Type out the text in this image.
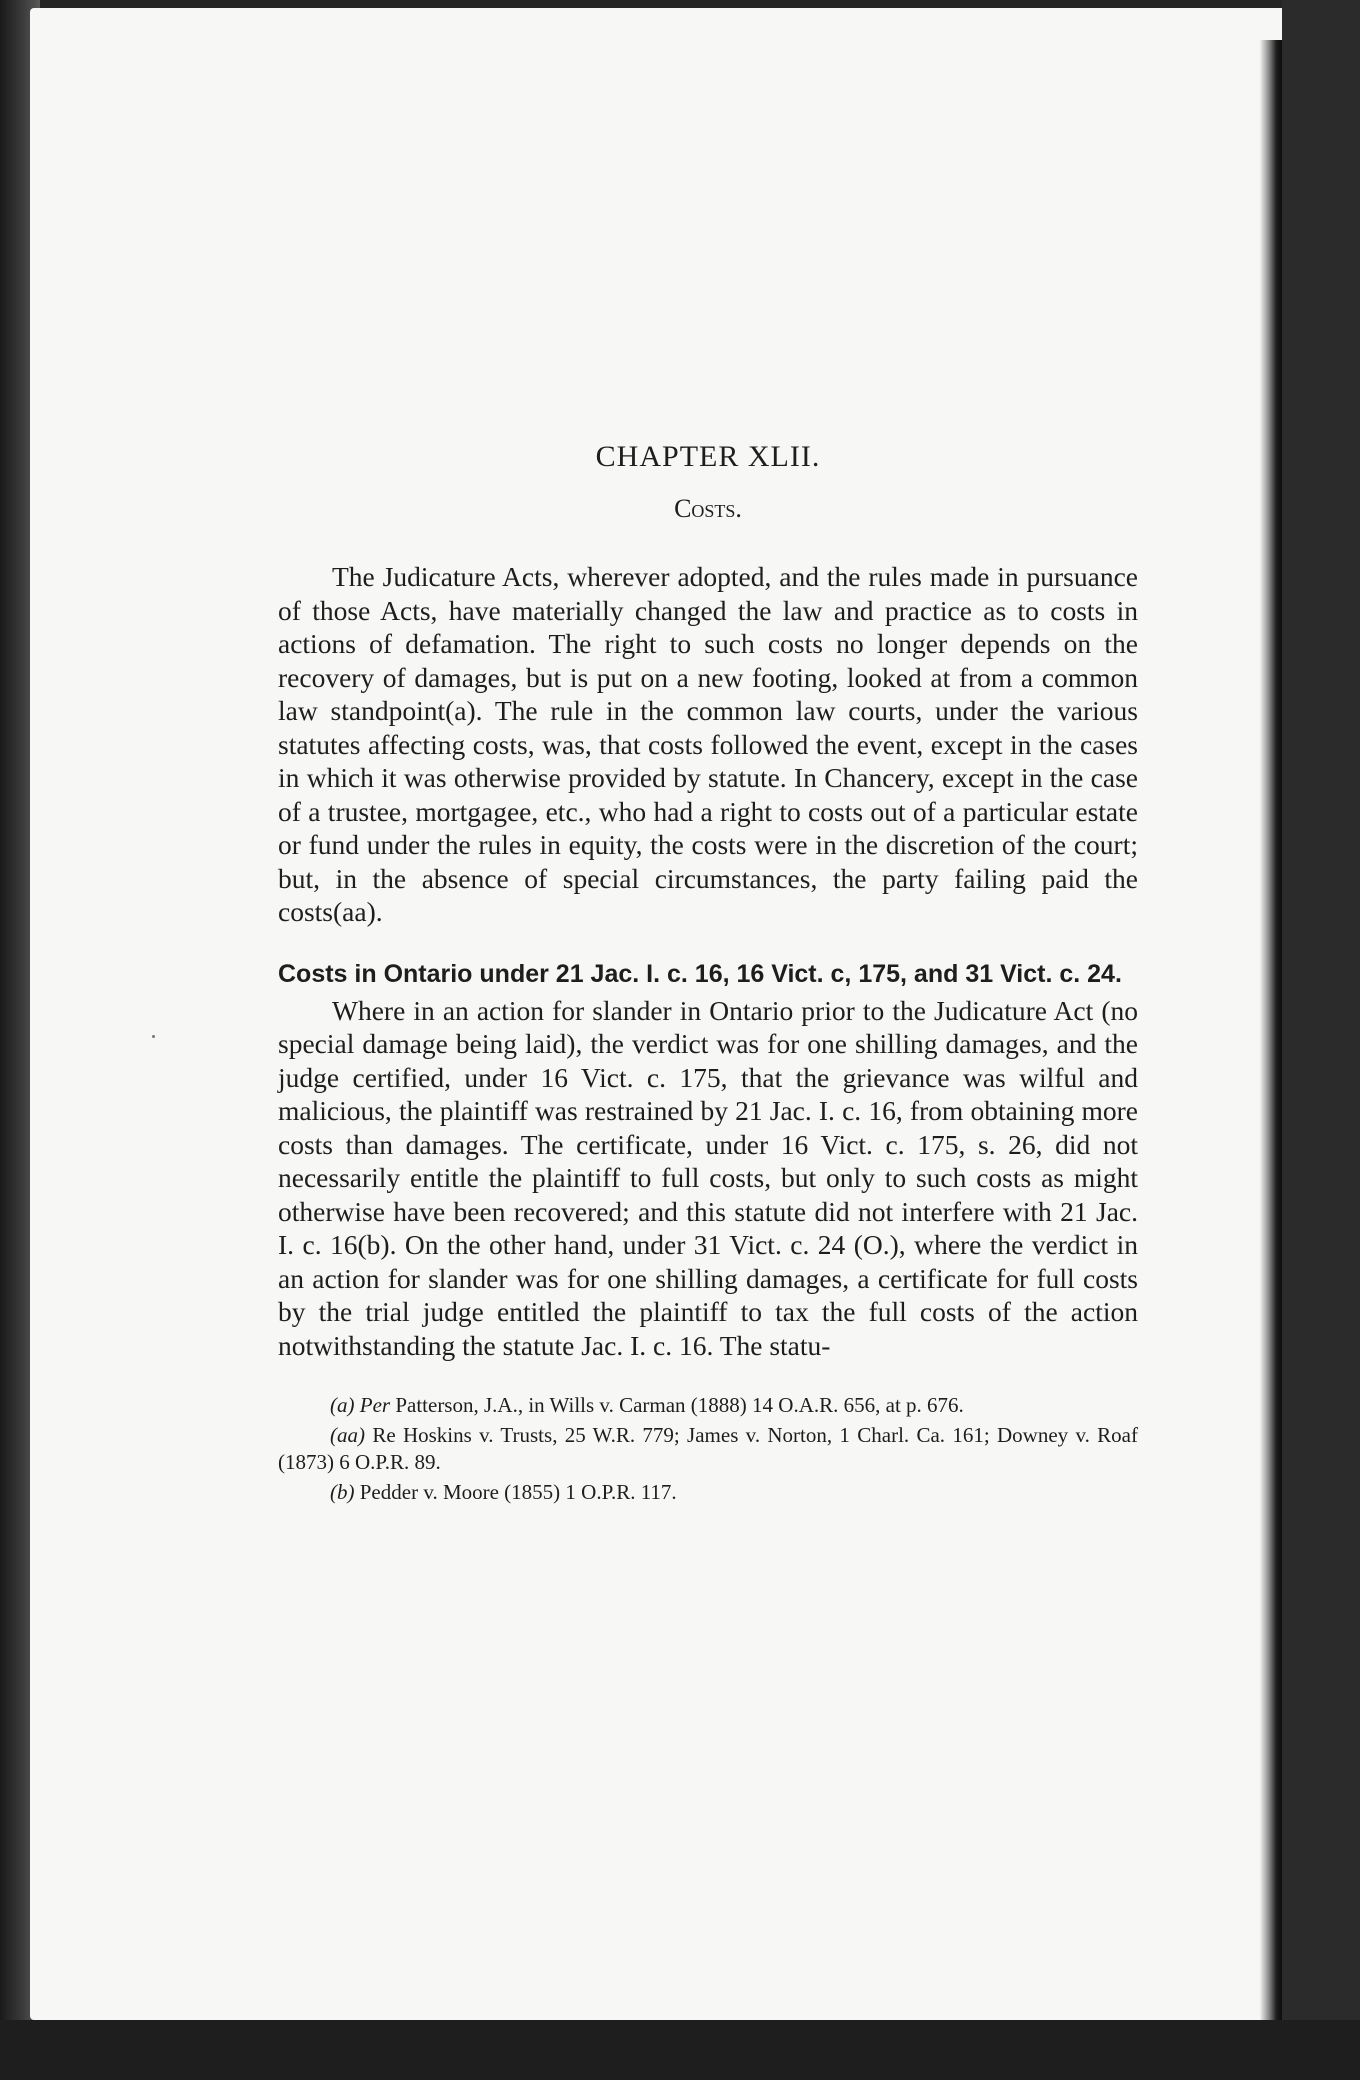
CHAPTER XLII.
Costs.

The Judicature Acts, wherever adopted, and the rules made in pursuance of those Acts, have materially changed the law and practice as to costs in actions of defamation. The right to such costs no longer depends on the recovery of damages, but is put on a new footing, looked at from a common law standpoint(a). The rule in the common law courts, under the various statutes affecting costs, was, that costs followed the event, except in the cases in which it was otherwise provided by statute. In Chancery, except in the case of a trustee, mortgagee, etc., who had a right to costs out of a particular estate or fund under the rules in equity, the costs were in the discretion of the court; but, in the absence of special circumstances, the party failing paid the costs(aa).

Costs in Ontario under 21 Jac. I. c. 16, 16 Vict. c, 175, and 31 Vict. c. 24.

Where in an action for slander in Ontario prior to the Judicature Act (no special damage being laid), the verdict was for one shilling damages, and the judge certified, under 16 Vict. c. 175, that the grievance was wilful and malicious, the plaintiff was restrained by 21 Jac. I. c. 16, from obtaining more costs than damages. The certificate, under 16 Vict. c. 175, s. 26, did not necessarily entitle the plaintiff to full costs, but only to such costs as might otherwise have been recovered; and this statute did not interfere with 21 Jac. I. c. 16(b). On the other hand, under 31 Vict. c. 24 (O.), where the verdict in an action for slander was for one shilling damages, a certificate for full costs by the trial judge entitled the plaintiff to tax the full costs of the action notwithstanding the statute Jac. I. c. 16. The statu-

(a) Per Patterson, J.A., in Wills v. Carman (1888) 14 O.A.R. 656, at p. 676.

(aa) Re Hoskins v. Trusts, 25 W.R. 779; James v. Norton, 1 Charl. Ca. 161; Downey v. Roaf (1873) 6 O.P.R. 89.

(b) Pedder v. Moore (1855) 1 O.P.R. 117.
